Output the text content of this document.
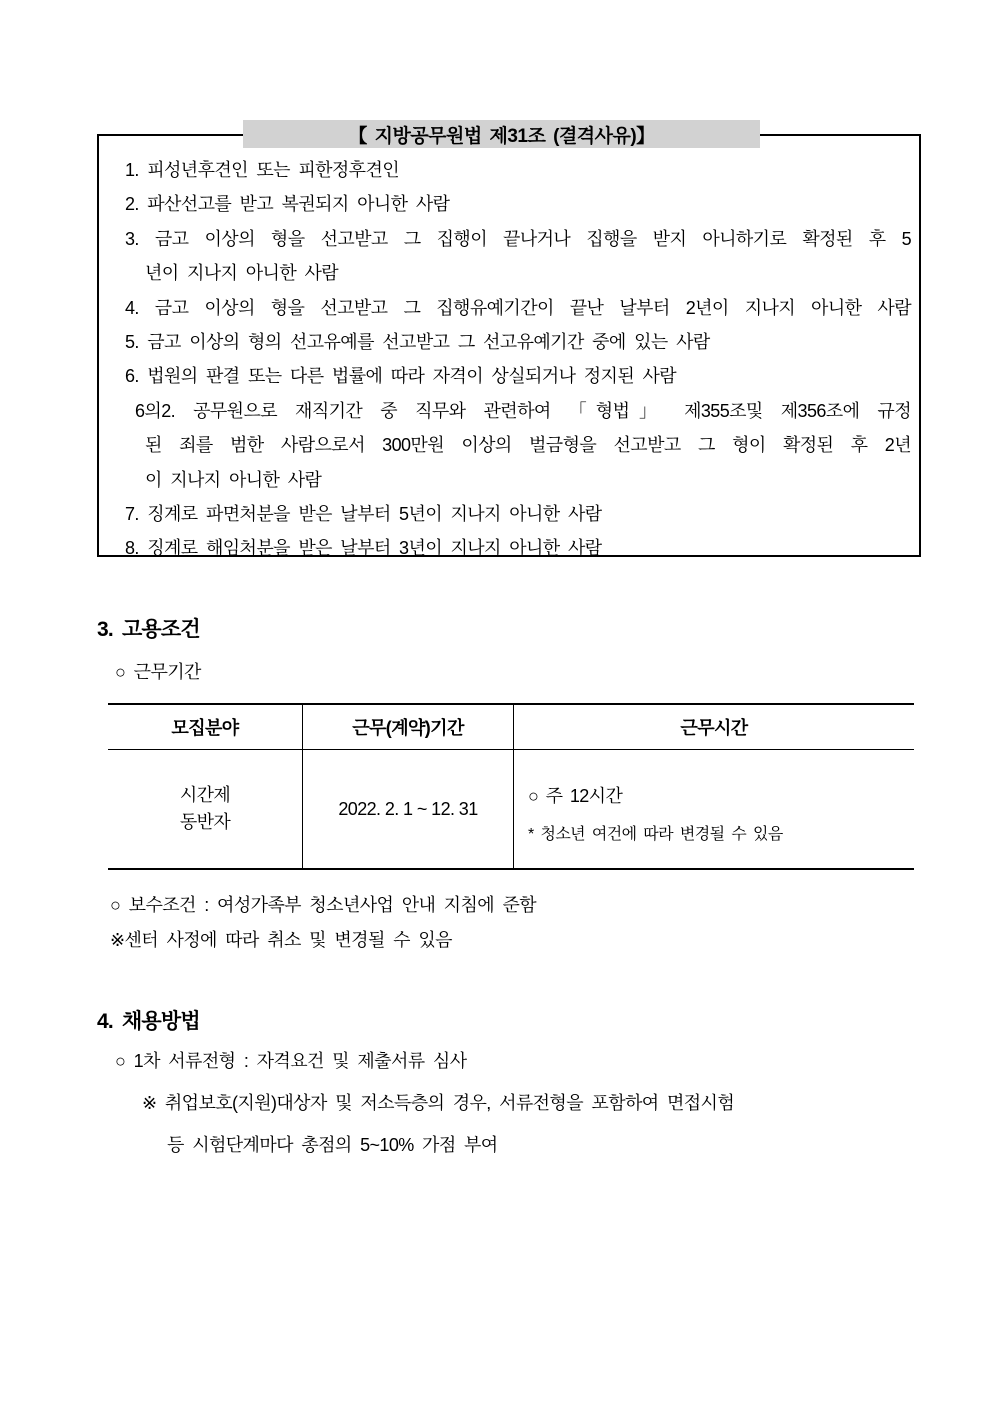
【 지방공무원법 제31조 (결격사유)】
1. 피성년후견인 또는 피한정후견인
2. 파산선고를 받고 복권되지 아니한 사람
3. 금고 이상의 형을 선고받고 그 집행이 끝나거나 집행을 받지 아니하기로 확정된 후 5
년이 지나지 아니한 사람
4. 금고 이상의 형을 선고받고 그 집행유예기간이 끝난 날부터 2년이 지나지 아니한 사람
5. 금고 이상의 형의 선고유예를 선고받고 그 선고유예기간 중에 있는 사람
6. 법원의 판결 또는 다른 법률에 따라 자격이 상실되거나 정지된 사람
6의2. 공무원으로 재직기간 중 직무와 관련하여 「형법」 제355조및 제356조에 규정
된 죄를 범한 사람으로서 300만원 이상의 벌금형을 선고받고 그 형이 확정된 후 2년
이 지나지 아니한 사람
7. 징계로 파면처분을 받은 날부터 5년이 지나지 아니한 사람
8. 징계로 해임처분을 받은 날부터 3년이 지나지 아니한 사람
3. 고용조건
○ 근무기간
모집분야	근무(계약)기간	근무시간
시간제
동반자
2022. 2. 1 ~ 12. 31
○ 주 12시간
* 청소년 여건에 따라 변경될 수 있음
○ 보수조건 : 여성가족부 청소년사업 안내 지침에 준함
※센터 사정에 따라 취소 및 변경될 수 있음
4. 채용방법
○ 1차 서류전형 : 자격요건 및 제출서류 심사
※ 취업보호(지원)대상자 및 저소득층의 경우, 서류전형을 포함하여 면접시험
등 시험단계마다 총점의 5~10% 가점 부여
